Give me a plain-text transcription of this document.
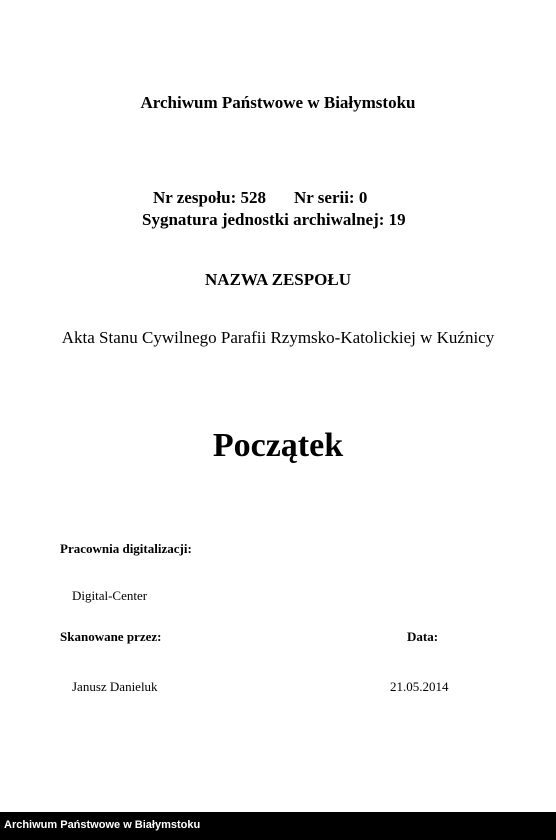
Archiwum Państwowe w Białymstoku
Nr zespołu: 528 Nr serii: 0
Sygnatura jednostki archiwalnej: 19
NAZWA ZESPOŁU
Akta Stanu Cywilnego Parafii Rzymsko-Katolickiej w Kuźnicy
Początek
Pracownia digitalizacji:
Digital-Center
Skanowane przez:	Data:
Janusz Danieluk	21.05.2014
Archiwum Państwowe w Białymstoku
